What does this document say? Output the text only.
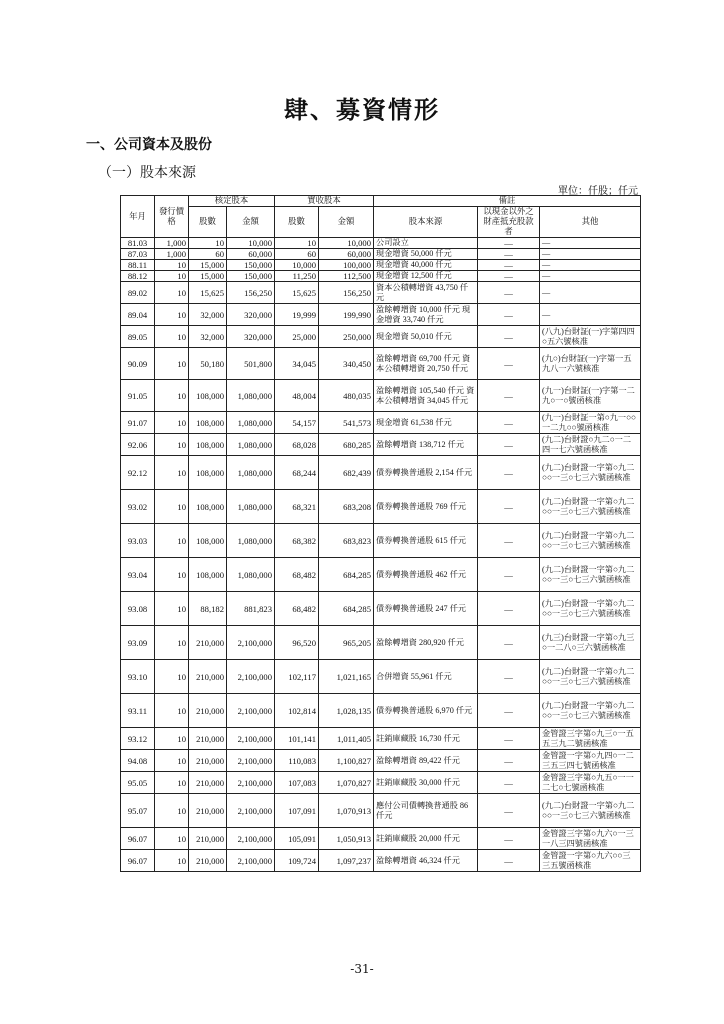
肆、募資情形
一、公司資本及股份
（一）股本來源
單位：仟股；仟元
年月	發行價格	核定股本		實收股本		備註		
		股數	金額	股數	金額	股本來源	以現金以外之財產抵充股款者	其他
81.03	1,000	10	10,000	10	10,000	公司設立	—	—
87.03	1,000	60	60,000	60	60,000	現金增資 50,000 仟元	—	—
88.11	10	15,000	150,000	10,000	100,000	現金增資 40,000 仟元	—	—
88.12	10	15,000	150,000	11,250	112,500	現金增資 12,500 仟元	—	—
89.02	10	15,625	156,250	15,625	156,250	資本公積轉增資 43,750 仟元	—	—
89.04	10	32,000	320,000	19,999	199,990	盈餘轉增資 10,000 仟元 現金增資 33,740 仟元	—	—
89.05	10	32,000	320,000	25,000	250,000	現金增資 50,010 仟元	—	(八九)台財証(一)字第四四○五六號核准
90.09	10	50,180	501,800	34,045	340,450	盈餘轉增資 69,700 仟元 資本公積轉增資 20,750 仟元	—	(九○)台財証(一)字第一五九八一六號核准
91.05	10	108,000	1,080,000	48,004	480,035	盈餘轉增資 105,540 仟元 資本公積轉增資 34,045 仟元	—	(九一)台財証(一)字第一二九○一○號函核准
91.07	10	108,000	1,080,000	54,157	541,573	現金增資 61,538 仟元	—	(九一)台財証一第○九一○○一二九○○號函核准
92.06	10	108,000	1,080,000	68,028	680,285	盈餘轉增資 138,712 仟元	—	(九二)台財證○九二○一二四一七六號函核准
92.12	10	108,000	1,080,000	68,244	682,439	債券轉換普通股 2,154 仟元	—	(九二)台財證一字第○九二○○一三○七三六號函核准
93.02	10	108,000	1,080,000	68,321	683,208	債券轉換普通股 769 仟元	—	(九二)台財證一字第○九二○○一三○七三六號函核准
93.03	10	108,000	1,080,000	68,382	683,823	債券轉換普通股 615 仟元	—	(九二)台財證一字第○九二○○一三○七三六號函核准
93.04	10	108,000	1,080,000	68,482	684,285	債券轉換普通股 462 仟元	—	(九二)台財證一字第○九二○○一三○七三六號函核准
93.08	10	88,182	881,823	68,482	684,285	債券轉換普通股 247 仟元	—	(九二)台財證一字第○九二○○一三○七三六號函核准
93.09	10	210,000	2,100,000	96,520	965,205	盈餘轉增資 280,920 仟元	—	(九三)台財證一字第○九三○一二八○三六號函核准
93.10	10	210,000	2,100,000	102,117	1,021,165	合併增資 55,961 仟元	—	(九二)台財證一字第○九二○○一三○七三六號函核准
93.11	10	210,000	2,100,000	102,814	1,028,135	債券轉換普通股 6,970 仟元	—	(九二)台財證一字第○九二○○一三○七三六號函核准
93.12	10	210,000	2,100,000	101,141	1,011,405	註銷庫藏股 16,730 仟元	—	金管證三字第○九三○一五五三九二號函核准
94.08	10	210,000	2,100,000	110,083	1,100,827	盈餘轉增資 89,422 仟元	—	金管證一字第○九四○一二三五三四七號函核准
95.05	10	210,000	2,100,000	107,083	1,070,827	註銷庫藏股 30,000 仟元	—	金管證三字第○九五○一一二七○七號函核准
95.07	10	210,000	2,100,000	107,091	1,070,913	應付公司債轉換普通股 86 仟元	—	(九二)台財證一字第○九二○○一三○七三六號函核准
96.07	10	210,000	2,100,000	105,091	1,050,913	註銷庫藏股 20,000 仟元	—	金管證三字第○九六○一三一八三四號函核准
96.07	10	210,000	2,100,000	109,724	1,097,237	盈餘轉增資 46,324 仟元	—	金管證一字第○九六○○三三五號函核准
-31-
